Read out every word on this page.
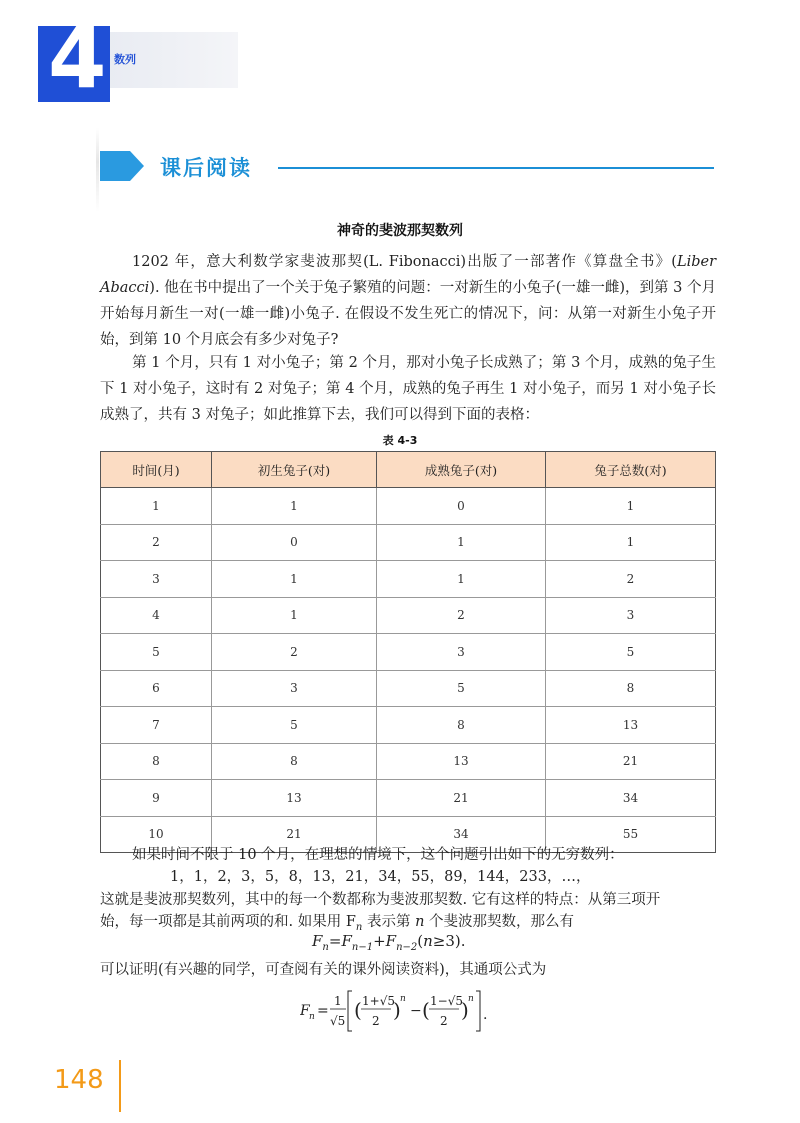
4 数列
课后阅读
神奇的斐波那契数列

1202 年，意大利数学家斐波那契(L. Fibonacci)出版了一部著作《算盘全书》(Liber Abacci). 他在书中提出了一个关于兔子繁殖的问题：一对新生的小兔子(一雄一雌)，到第 3 个月开始每月新生一对(一雄一雌)小兔子. 在假设不发生死亡的情况下，问：从第一对新生小兔子开始，到第 10 个月底会有多少对兔子?

第 1 个月，只有 1 对小兔子；第 2 个月，那对小兔子长成熟了；第 3 个月，成熟的兔子生下 1 对小兔子，这时有 2 对兔子；第 4 个月，成熟的兔子再生 1 对小兔子，而另 1 对小兔子长成熟了，共有 3 对兔子；如此推算下去，我们可以得到下面的表格：

表 4-3
时间(月)	初生兔子(对)	成熟兔子(对)	兔子总数(对)
1	1	0	1
2	0	1	1
3	1	1	2
4	1	2	3
5	2	3	5
6	3	5	8
7	5	8	13
8	8	13	21
9	13	21	34
10	21	34	55
如果时间不限于 10 个月，在理想的情境下，这个问题引出如下的无穷数列：
1，1，2，3，5，8，13，21，34，55，89，144，233，…，
这就是斐波那契数列，其中的每一个数都称为斐波那契数. 它有这样的特点：从第三项开
始，每一项都是其前两项的和. 如果用 $F_n$ 表示第 n 个斐波那契数，那么有
$F_n=F_{n-1}+F_{n-2}(n\ge 3)$.
可以证明(有兴趣的同学，可查阅有关的课外阅读资料)，其通项公式为
Fn = (1/√5)[((1+√5)/2)^n − ((1−√5)/2)^n].
F n =
1
√5 ( 1+√5
2 ) n
− ( 1−√5
2 ) n
.
148
